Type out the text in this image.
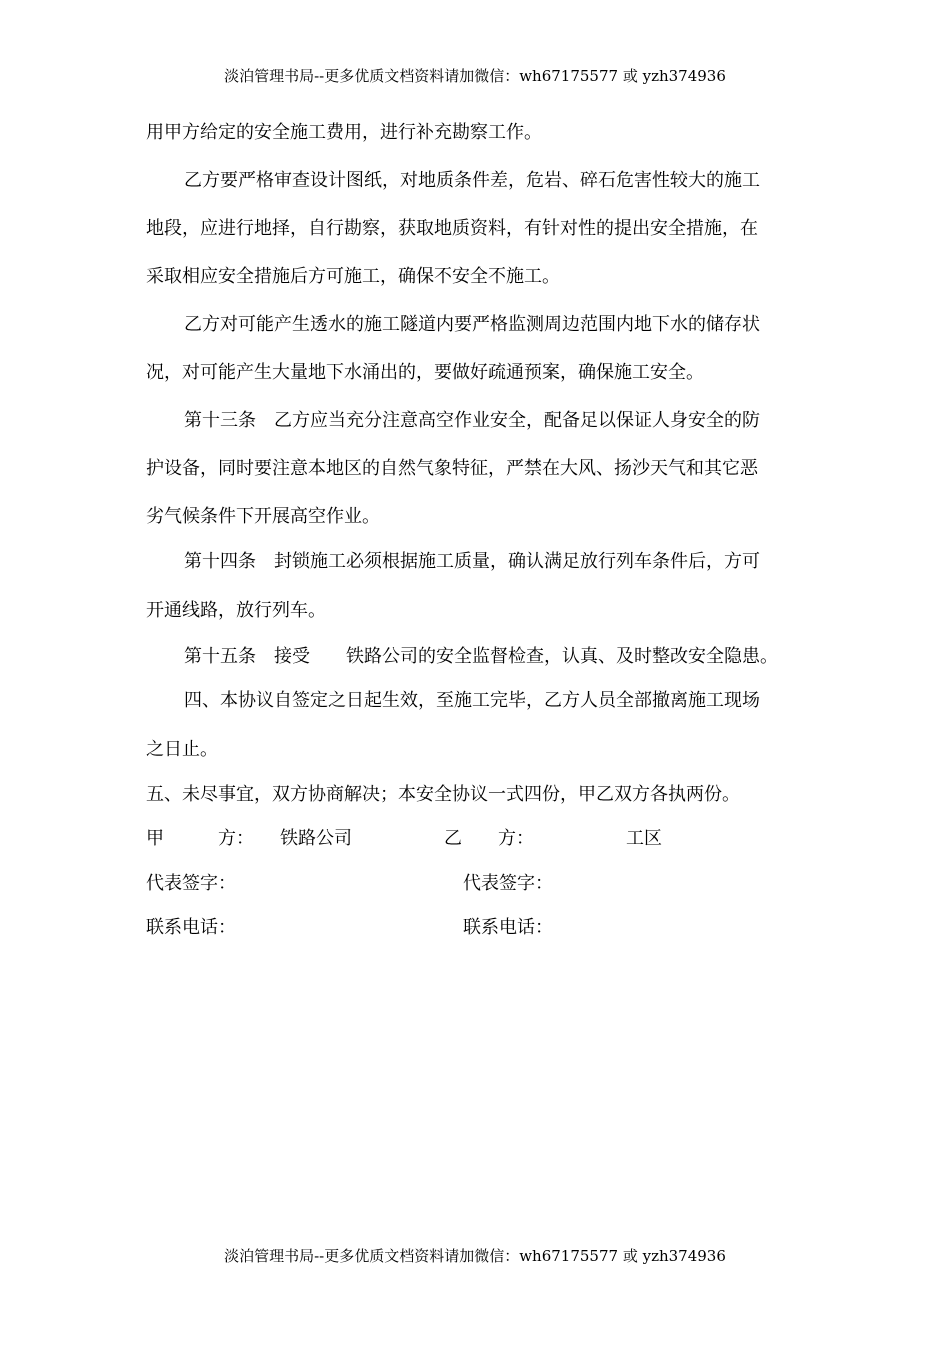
淡泊管理书局--更多优质文档资料请加微信：wh67175577 或 yzh374936
用甲方给定的安全施工费用，进行补充勘察工作。
乙方要严格审查设计图纸，对地质条件差，危岩、碎石危害性较大的施工
地段，应进行地择，自行勘察，获取地质资料，有针对性的提出安全措施，在
采取相应安全措施后方可施工，确保不安全不施工。
乙方对可能产生透水的施工隧道内要严格监测周边范围内地下水的储存状
况，对可能产生大量地下水涌出的，要做好疏通预案，确保施工安全。
第十三条　乙方应当充分注意高空作业安全，配备足以保证人身安全的防
护设备，同时要注意本地区的自然气象特征，严禁在大风、扬沙天气和其它恶
劣气候条件下开展高空作业。
第十四条　封锁施工必须根据施工质量，确认满足放行列车条件后，方可
开通线路，放行列车。
第十五条　接受　　铁路公司的安全监督检查，认真、及时整改安全隐患。
四、本协议自签定之日起生效，至施工完毕，乙方人员全部撤离施工现场
之日止。
五、未尽事宜，双方协商解决；本安全协议一式四份，甲乙双方各执两份。
甲　　　方： 铁路公司	乙　　方：	工区
代表签字：	代表签字：
联系电话：	联系电话：
淡泊管理书局--更多优质文档资料请加微信：wh67175577 或 yzh374936
